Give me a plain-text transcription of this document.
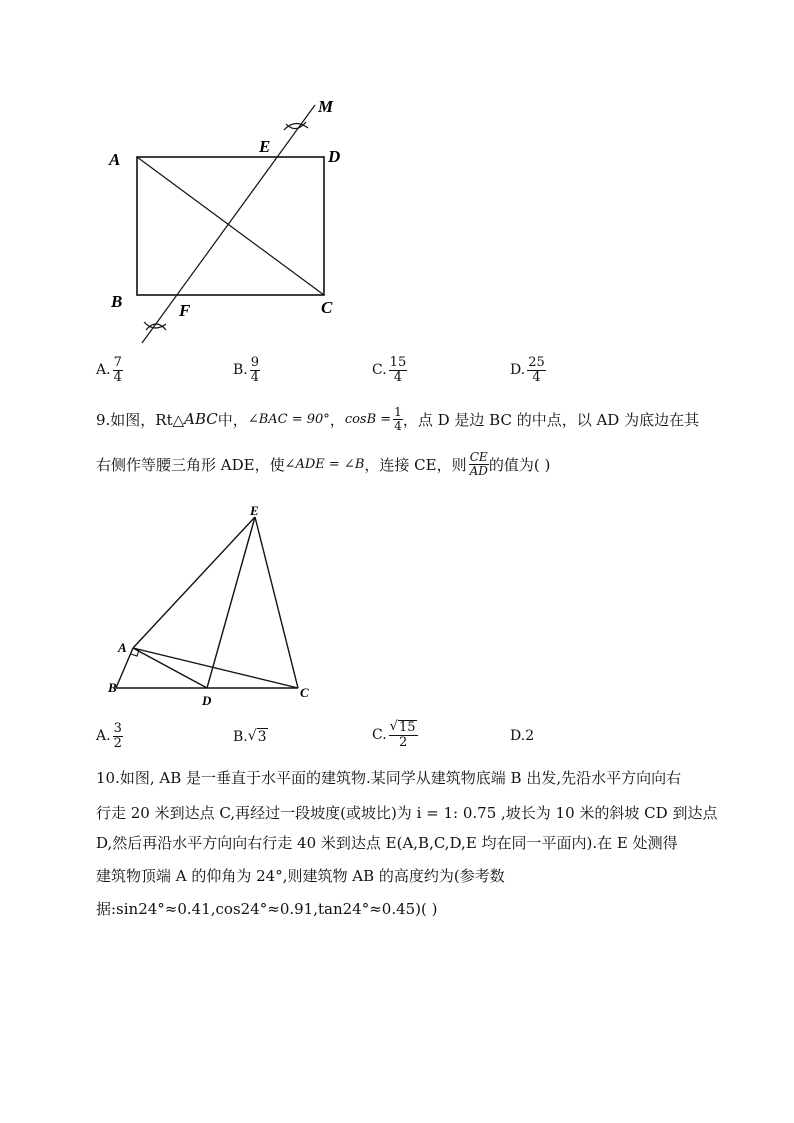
A
E
D
M
B	F	C
A. $\frac{7}{4}$	B. $\frac{9}{4}$	C. $\frac{15}{4}$	D. $\frac{25}{4}$
9.如图，Rt△ ABC 中， ∠BAC = 90° ， $\cos B = \frac{1}{4}$ ，点 D 是边 BC 的中点，以 AD 为底边在其
右侧作等腰三角形 ADE，使 ∠ADE = ∠B ，连接 CE，则 $\frac{CE}{AD}$ 的值为( )
A
E
B
D
C
A. $\frac{3}{2}$	B. √ 3	C. $\frac{√ 15}{2}$	D. 2
10.如图, AB 是一垂直于水平面的建筑物.某同学从建筑物底端 B 出发,先沿水平方向向右
行走 20 米到达点 C,再经过一段坡度(或坡比)为 i = 1: 0.75 ,坡长为 10 米的斜坡 CD 到达点
D,然后再沿水平方向向右行走 40 米到达点 E(A,B,C,D,E 均在同一平面内).在 E 处测得
建筑物顶端 A 的仰角为 24°,则建筑物 AB 的高度约为(参考数
据:sin24°≈0.41,cos24°≈0.91,tan24°≈0.45)( )
